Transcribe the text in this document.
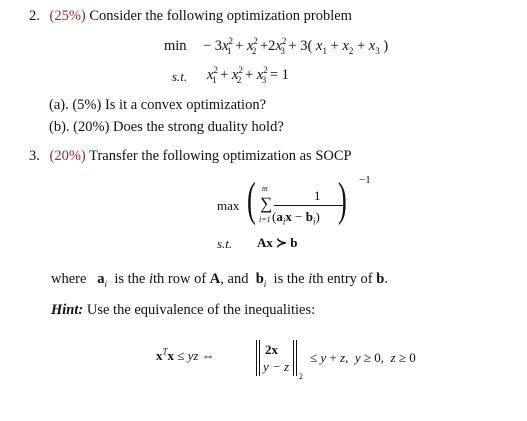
2. (25%) Consider the following optimization problem
$\min - 3x^2_1 + x^2_2 +2x^2_3 + 3$( $x_1 + x_2 + x_3$ )
s.t. $x^2_1 + x^2_2 + x^2_3 = 1$
(a). (5%) Is it a convex optimization?
(b). (20%) Does the strong duality hold?
3. (20%) Transfer the following optimization as SOCP
max ( m
∑
i=1
1
$(a_ix - b_i)$ ) −1
s.t. Ax ≻ b
where $a_i$  is the ith row of A, and  $b_i$  is the ith entry of b.
Hint: Use the equivalence of the inequalities:
$x^Tx$ ≤ yz ⇔	2x
y − z
2
≤ y + z,  y ≥ 0,  z ≥ 0
